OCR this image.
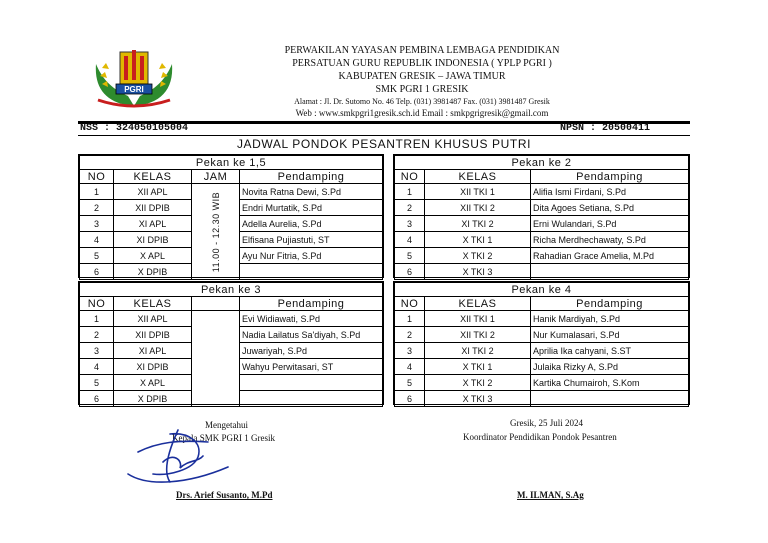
PGRI
PERWAKILAN YAYASAN PEMBINA LEMBAGA PENDIDIKAN
PERSATUAN GURU REPUBLIK INDONESIA ( YPLP PGRI )
KABUPATEN GRESIK – JAWA TIMUR
SMK PGRI 1 GRESIK
Alamat : Jl. Dr. Sutomo No. 46 Telp. (031) 3981487 Fax. (031) 3981487 Gresik
Web : www.smkpgri1gresik.sch.id Email : smkpgrigresik@gmail.com
NSS : 324050105004	NPSN : 20500411
JADWAL PONDOK PESANTREN KHUSUS PUTRI
Pekan ke 1,5			
NO	KELAS	JAM	Pendamping
1	XII APL	11.00 - 12.30 WIB	Novita Ratna Dewi, S.Pd
2	XII DPIB		Endri Murtatik, S.Pd
3	XI APL		Adella Aurelia, S.Pd
4	XI DPIB		Elfisana Pujiastuti, ST
5	X APL		Ayu Nur Fitria, S.Pd
6	X DPIB		
Pekan ke 2		
NO	KELAS	Pendamping
1	XII TKI 1	Alifia Ismi Firdani, S.Pd
2	XII TKI 2	Dita Agoes Setiana, S.Pd
3	XI TKI 2	Erni Wulandari, S.Pd
4	X TKI 1	Richa Merdhechawaty, S.Pd
5	X TKI 2	Rahadian Grace Amelia, M.Pd
6	X TKI 3	
Pekan ke 3			
NO	KELAS		Pendamping
1	XII APL		Evi Widiawati, S.Pd
2	XII DPIB		Nadia Lailatus Sa'diyah, S.Pd
3	XI APL		Juwariyah, S.Pd
4	XI DPIB		Wahyu Perwitasari, ST
5	X APL		
6	X DPIB		
Pekan ke 4		
NO	KELAS	Pendamping
1	XII TKI 1	Hanik Mardiyah, S.Pd
2	XII TKI 2	Nur Kumalasari, S.Pd
3	XI TKI 2	Aprilia Ika cahyani, S.ST
4	X TKI 1	Julaika Rizky A, S.Pd
5	X TKI 2	Kartika Chumairoh, S.Kom
6	X TKI 3	
Mengetahui
Kepala SMK PGRI 1 Gresik
Drs. Arief Susanto, M.Pd
Gresik, 25 Juli 2024
Koordinator Pendidikan Pondok Pesantren
M. ILMAN, S.Ag
